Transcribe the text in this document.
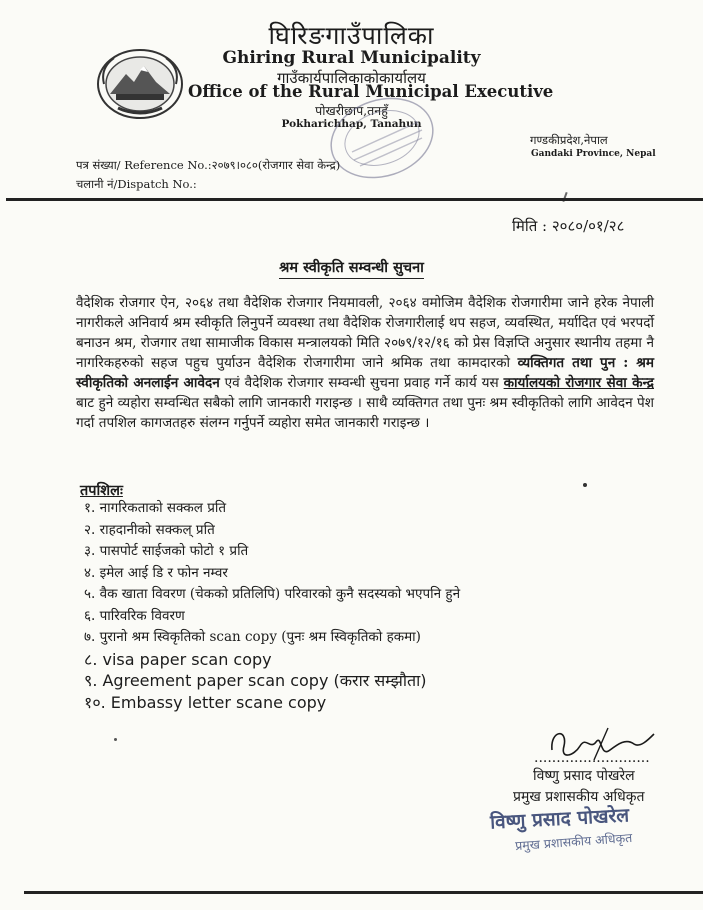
घिरिङगाउँपालिका
Ghiring Rural Municipality
गाउँकार्यपालिकाकोकार्यालय
Office of the Rural Municipal Executive
पोखरीछाप,तनहुँ
Pokharichhap, Tanahun
गण्डकीप्रदेश,नेपाल
Gandaki Province, Nepal
पत्र संख्या/ Reference No.:२०७९।०८०(रोजगार सेवा केन्द्र)
चलानी नं/Dispatch No.:
मिति : २०८०/०१/२८
श्रम स्वीकृति सम्वन्धी सुचना
वैदेशिक रोजगार ऐन, २०६४ तथा वैदेशिक रोजगार नियमावली, २०६४ वमोजिम वैदेशिक रोजगारीमा जाने हरेक नेपाली नागरीकले अनिवार्य श्रम स्वीकृति लिनुपर्ने व्यवस्था तथा वैदेशिक रोजगारीलाई थप सहज, व्यवस्थित, मर्यादित एवं भरपर्दो बनाउन श्रम, रोजगार तथा सामाजीक विकास मन्त्रालयको मिति २०७९/१२/१६ को प्रेस विज्ञप्ति अनुसार स्थानीय तहमा नै नागरिकहरुको सहज पहुच पुर्याउन वैदेशिक रोजगारीमा जाने श्रमिक तथा कामदारको व्यक्तिगत तथा पुन : श्रम स्वीकृतिको अनलाईन आवेदन एवं वैदेशिक रोजगार सम्वन्धी सुचना प्रवाह गर्ने कार्य यस कार्यालयको रोजगार सेवा केन्द्र बाट हुने व्यहोरा सम्वन्धित सबैको लागि जानकारी गराइन्छ । साथै व्यक्तिगत तथा पुनः श्रम स्वीकृतिको लागि आवेदन पेश गर्दा तपशिल कागजतहरु संलग्न गर्नुपर्ने व्यहोरा समेत जानकारी गराइन्छ ।
तपशिलः
१. नागरिकताको सक्कल प्रति
२. राहदानीको सक्कल् प्रति
३. पासपोर्ट साईजको फोटो १ प्रति
४. इमेल आई डि र फोन नम्वर
५. वैक खाता विवरण (चेकको प्रतिलिपि) परिवारको कुनै सदस्यको भएपनि हुने
६. पारिवरिक विवरण
७. पुरानो श्रम स्विकृतिको scan copy (पुनः श्रम स्विकृतिको हकमा)
८. visa paper scan copy
९. Agreement paper scan copy (करार सम्झौता)
१०. Embassy letter scane copy
..........................
विष्णु प्रसाद पोखरेल
प्रमुख प्रशासकीय अधिकृत
विष्णु प्रसाद पोखरेल
प्रमुख प्रशासकीय अधिकृत
